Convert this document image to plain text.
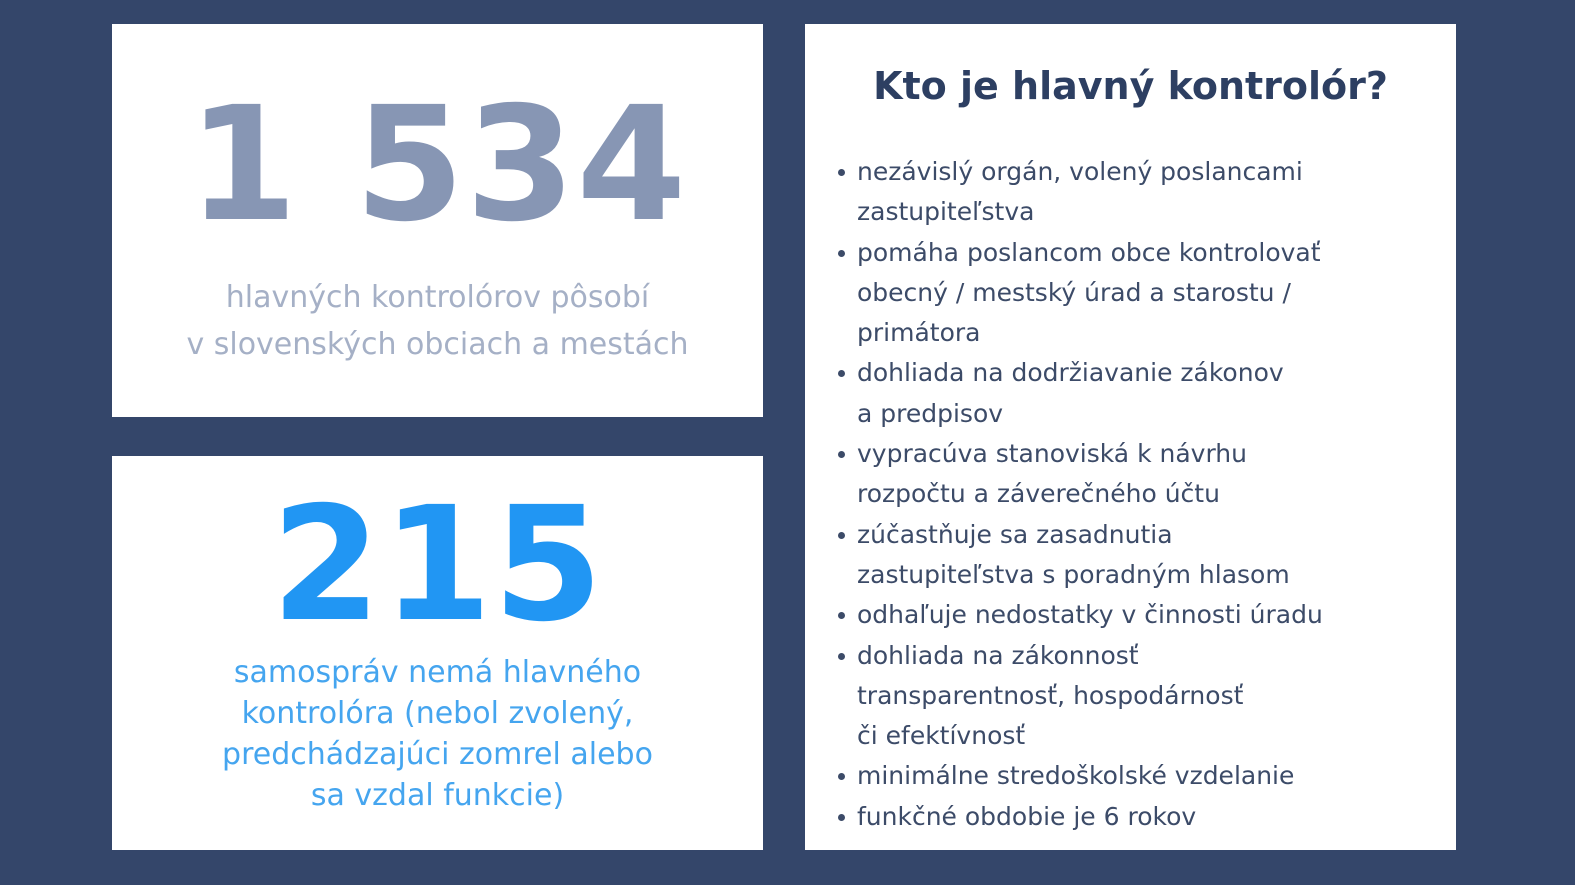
1 534
hlavných kontrolórov pôsobí
v slovenských obciach a mestách
215
samospráv nemá hlavného
kontrolóra (nebol zvolený,
predchádzajúci zomrel alebo
sa vzdal funkcie)
Kto je hlavný kontrolór?
nezávislý orgán, volený poslancami
zastupiteľstva
pomáha poslancom obce kontrolovať
obecný / mestský úrad a starostu /
primátora
dohliada na dodržiavanie zákonov
a predpisov
vypracúva stanoviská k návrhu
rozpočtu a záverečného účtu
zúčastňuje sa zasadnutia
zastupiteľstva s poradným hlasom
odhaľuje nedostatky v činnosti úradu
dohliada na zákonnosť
transparentnosť, hospodárnosť
či efektívnosť
minimálne stredoškolské vzdelanie
funkčné obdobie je 6 rokov
